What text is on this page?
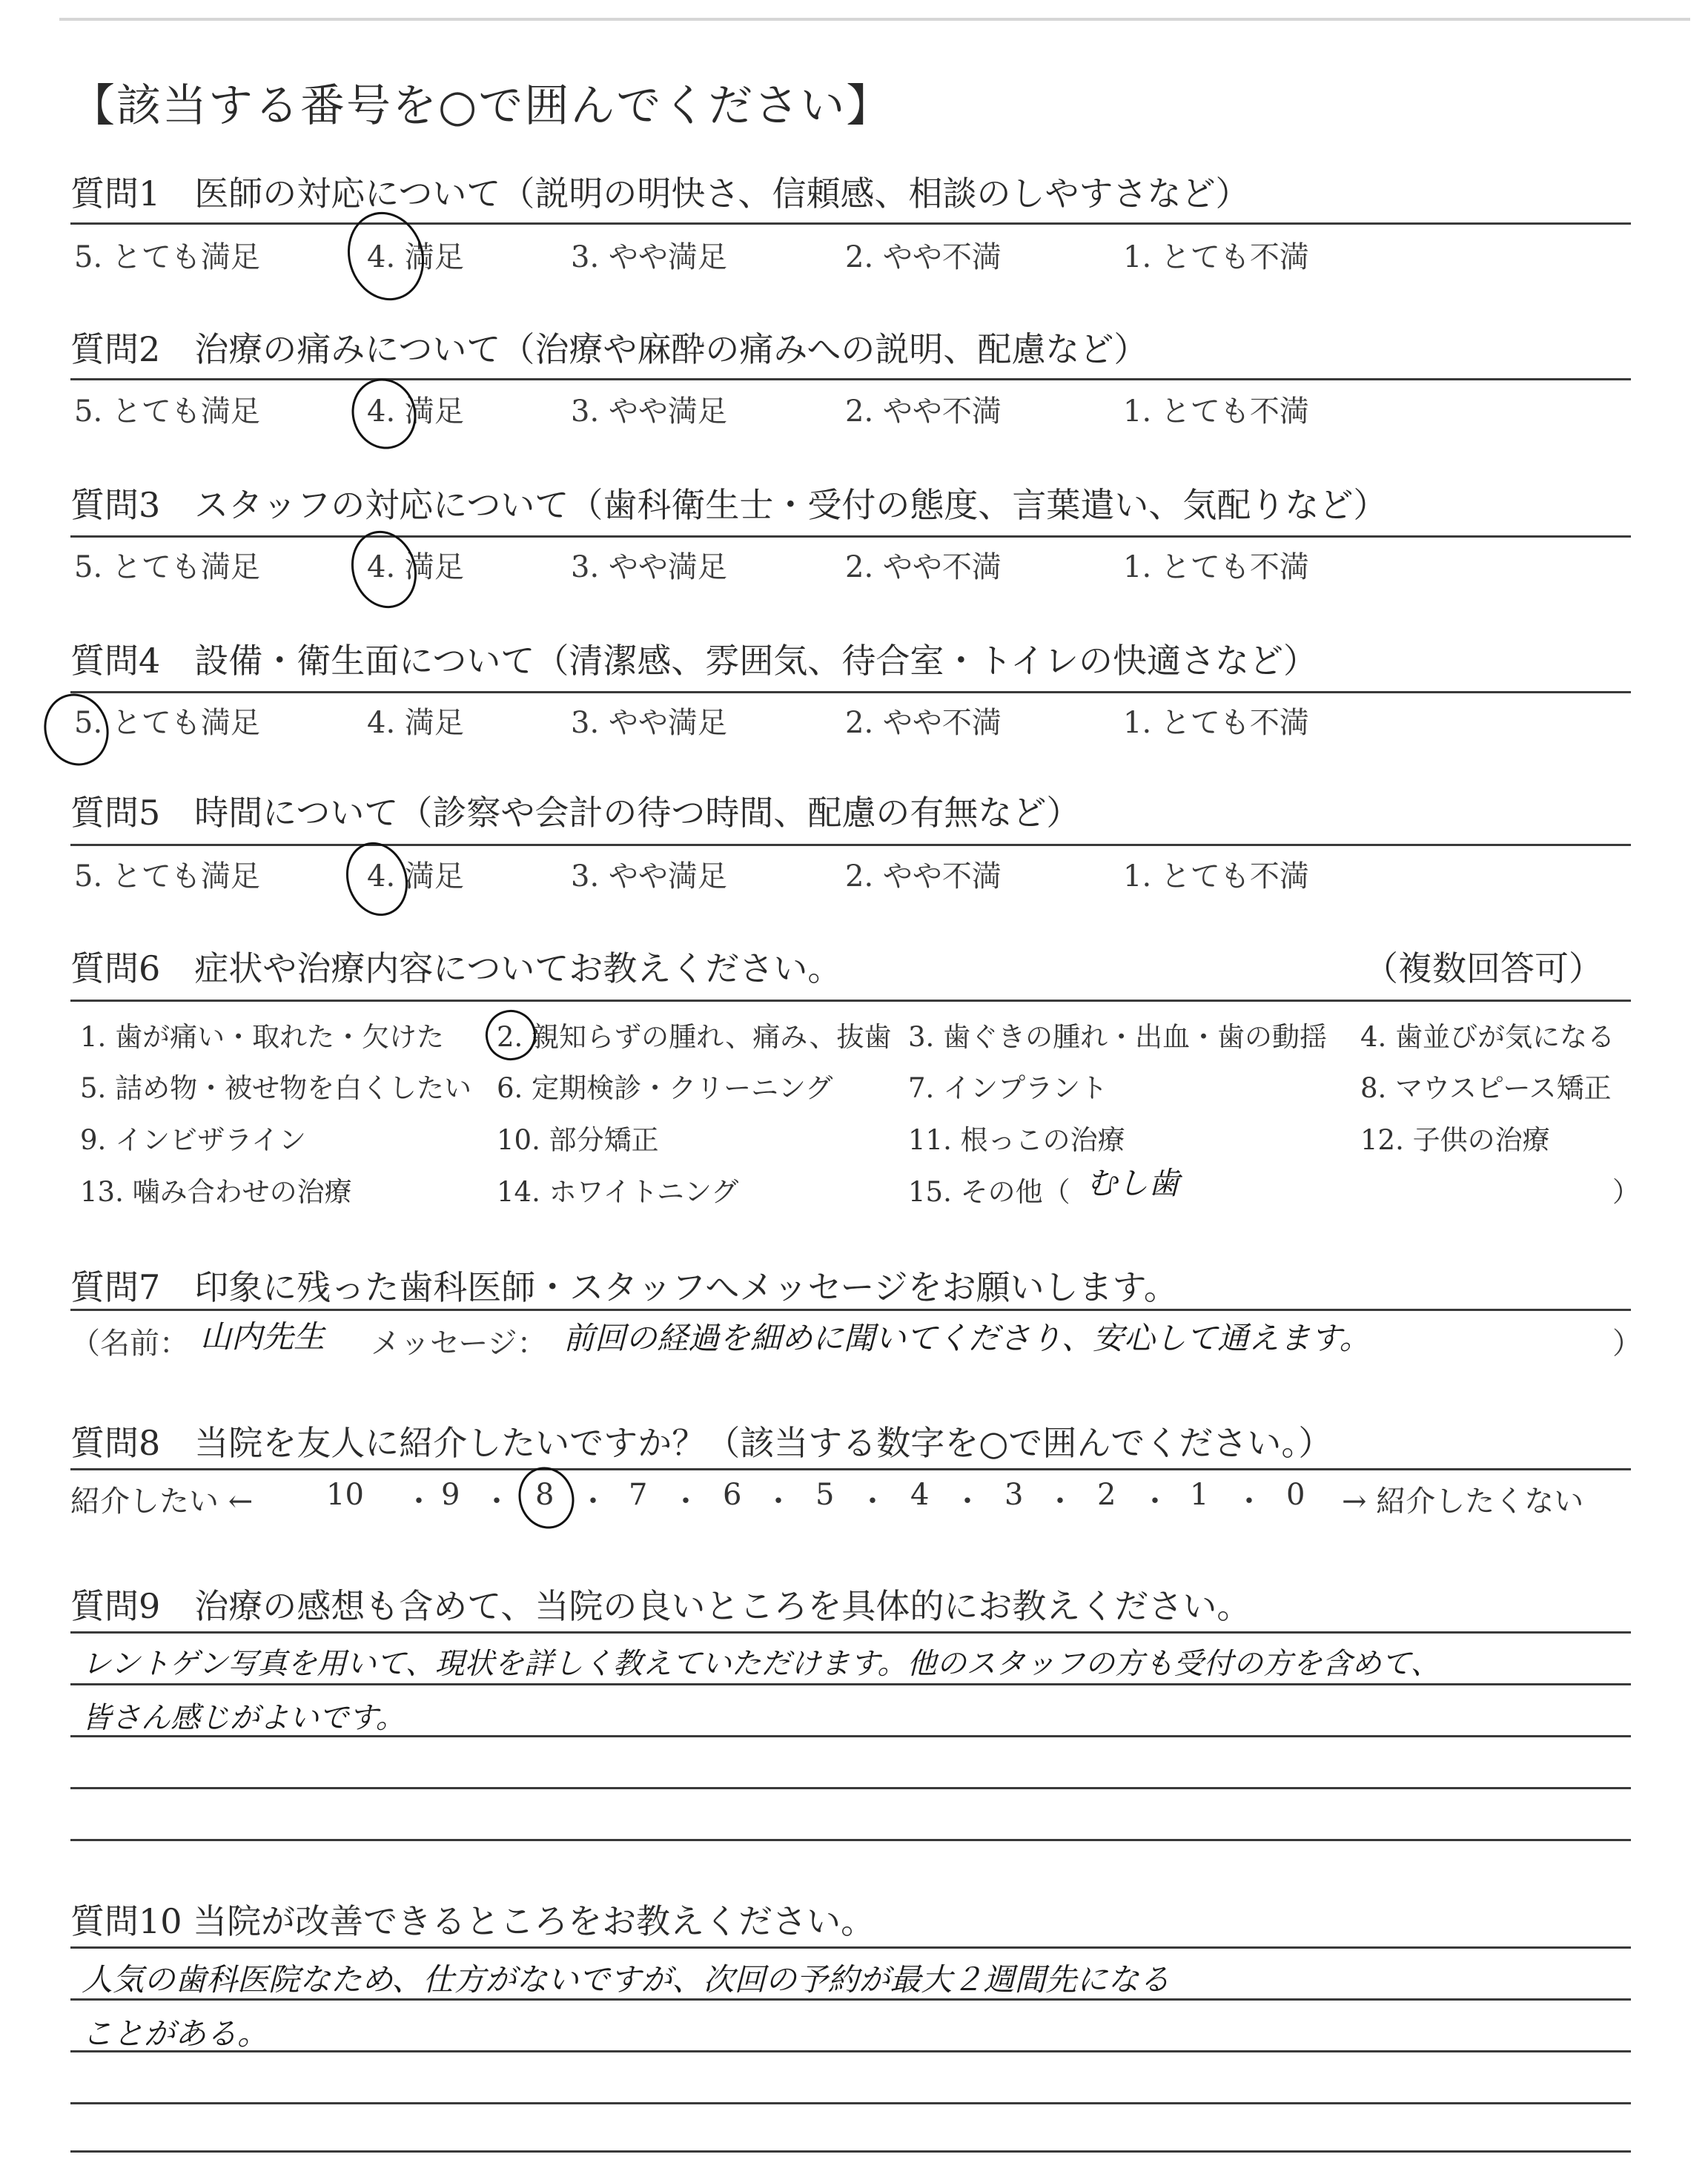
【該当する番号を○で囲んでください】
質問1　医師の対応について（説明の明快さ、信頼感、相談のしやすさなど）
5. とても満足	4. 満足	3. やや満足	2. やや不満	1. とても不満
質問2　治療の痛みについて（治療や麻酔の痛みへの説明、配慮など）
5. とても満足	4. 満足	3. やや満足	2. やや不満	1. とても不満
質問3　スタッフの対応について（歯科衛生士・受付の態度、言葉遣い、気配りなど）
5. とても満足	4. 満足	3. やや満足	2. やや不満	1. とても不満
質問4　設備・衛生面について（清潔感、雰囲気、待合室・トイレの快適さなど）
5. とても満足	4. 満足	3. やや満足	2. やや不満	1. とても不満
質問5　時間について（診察や会計の待つ時間、配慮の有無など）
5. とても満足	4. 満足	3. やや満足	2. やや不満	1. とても不満
質問6　症状や治療内容についてお教えください。	（複数回答可）
1. 歯が痛い・取れた・欠けた 2. 親知らずの腫れ、痛み、抜歯 3. 歯ぐきの腫れ・出血・歯の動揺 4. 歯並びが気になる
5. 詰め物・被せ物を白くしたい 6. 定期検診・クリーニング	7. インプラント	8. マウスピース矯正
9. インビザライン	10. 部分矯正	11. 根っこの治療	12. 子供の治療
13. 噛み合わせの治療	14. ホワイトニング	15. その他（ むし歯	）
質問7　印象に残った歯科医師・スタッフへメッセージをお願いします。
（名前： 山内先生 メッセージ： 前回の経過を細めに聞いてくださり、安心して通えます。	）
質問8　当院を友人に紹介したいですか？（該当する数字を○で囲んでください。）
紹介したい ←	→ 紹介したくない
10 ・ 9 ・ 8 ・ 7 ・ 6 ・ 5 ・ 4 ・ 3 ・ 2 ・ 1 ・ 0
質問9　治療の感想も含めて、当院の良いところを具体的にお教えください。
レントゲン写真を用いて、現状を詳しく教えていただけます。他のスタッフの方も受付の方を含めて、
皆さん感じがよいです。
質問10 当院が改善できるところをお教えください。
人気の歯科医院なため、仕方がないですが、次回の予約が最大２週間先になる
ことがある。
